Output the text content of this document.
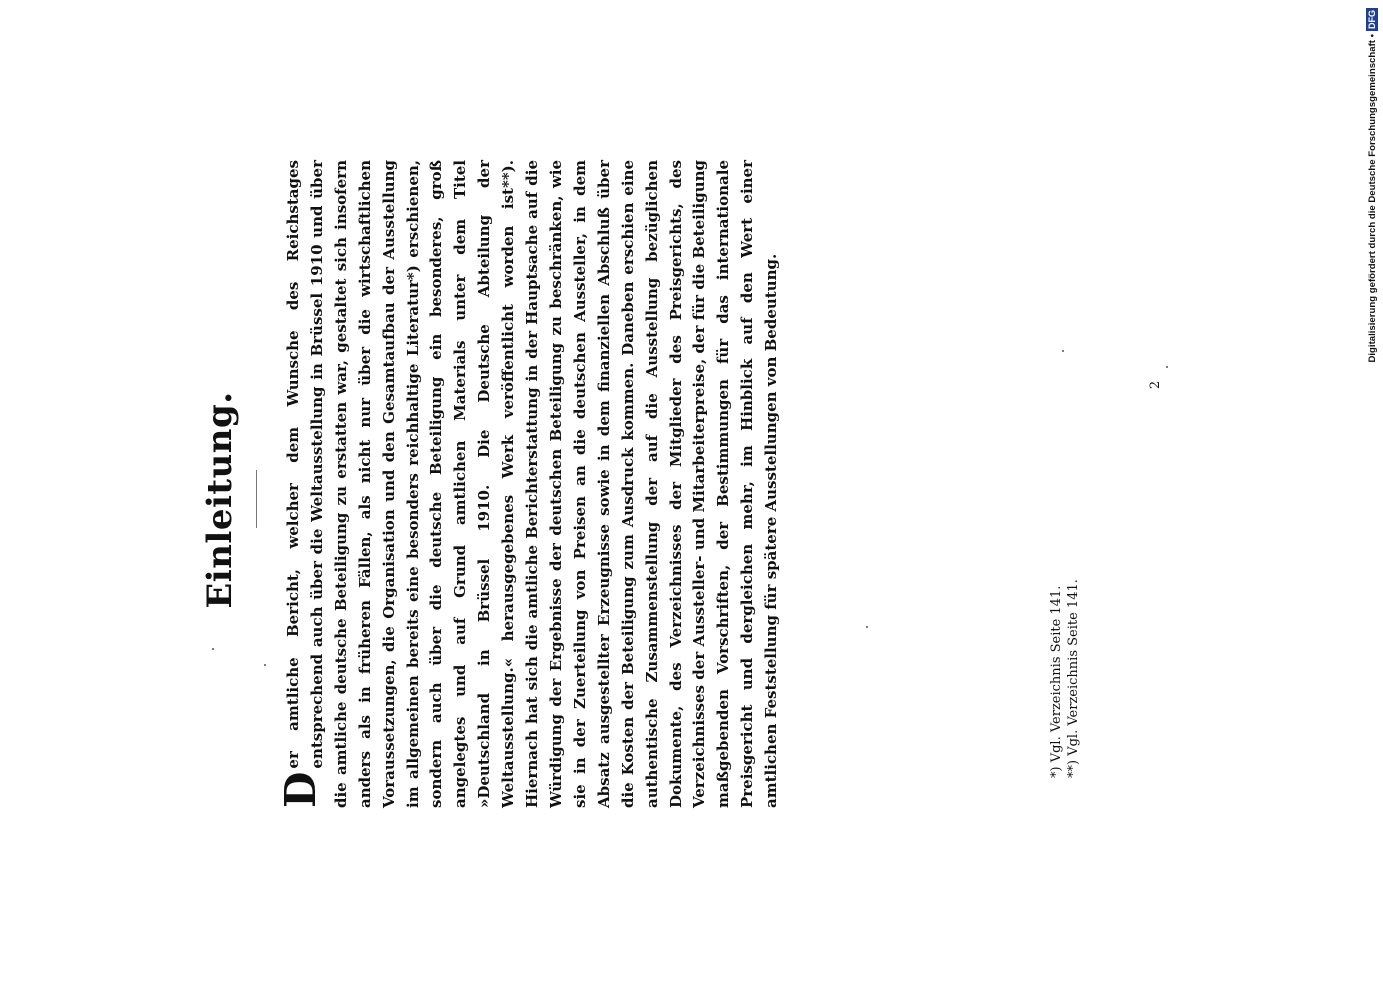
Einleitung.

D
er amtliche Bericht, welcher dem Wunsche des Reichstages entsprechend auch über die Weltausstellung in Brüssel 1910 und über die amtliche deutsche Beteiligung zu erstatten war, gestaltet sich insofern anders als in früheren Fällen, als nicht nur über die wirtschaftlichen Voraussetzungen, die Organisation und den Gesamtaufbau der Ausstellung im allgemeinen bereits eine besonders reichhaltige Literatur*) erschienen, sondern auch über die deutsche Beteiligung ein besonderes, groß angelegtes und auf Grund amtlichen Materials unter dem Titel »Deutschland in Brüssel 1910. Die Deutsche Abteilung der Weltausstellung.« herausgegebenes Werk veröffentlicht worden ist**). Hiernach hat sich die amtliche Berichterstattung in der Hauptsache auf die Würdigung der Ergebnisse der deutschen Beteiligung zu beschränken, wie sie in der Zuerteilung von Preisen an die deutschen Aussteller, in dem Absatz ausgestellter Erzeugnisse sowie in dem finanziellen Abschluß über die Kosten der Beteiligung zum Ausdruck kommen. Daneben erschien eine authentische Zusammenstellung der auf die Ausstellung bezüglichen Dokumente, des Verzeichnisses der Mitglieder des Preisgerichts, des Verzeichnisses der Aussteller- und Mitarbeiterpreise, der für die Beteiligung maßgebenden Vorschriften, der Bestimmungen für das internationale Preisgericht und dergleichen mehr, im Hinblick auf den Wert einer amtlichen Feststellung für spätere Ausstellungen von Bedeutung.	*) Vgl. Verzeichnis Seite 141. **) Vgl. Verzeichnis Seite 141.
2
Digitalisierung gefördert durch die Deutsche Forschungsgemeinschaft •
DFG
